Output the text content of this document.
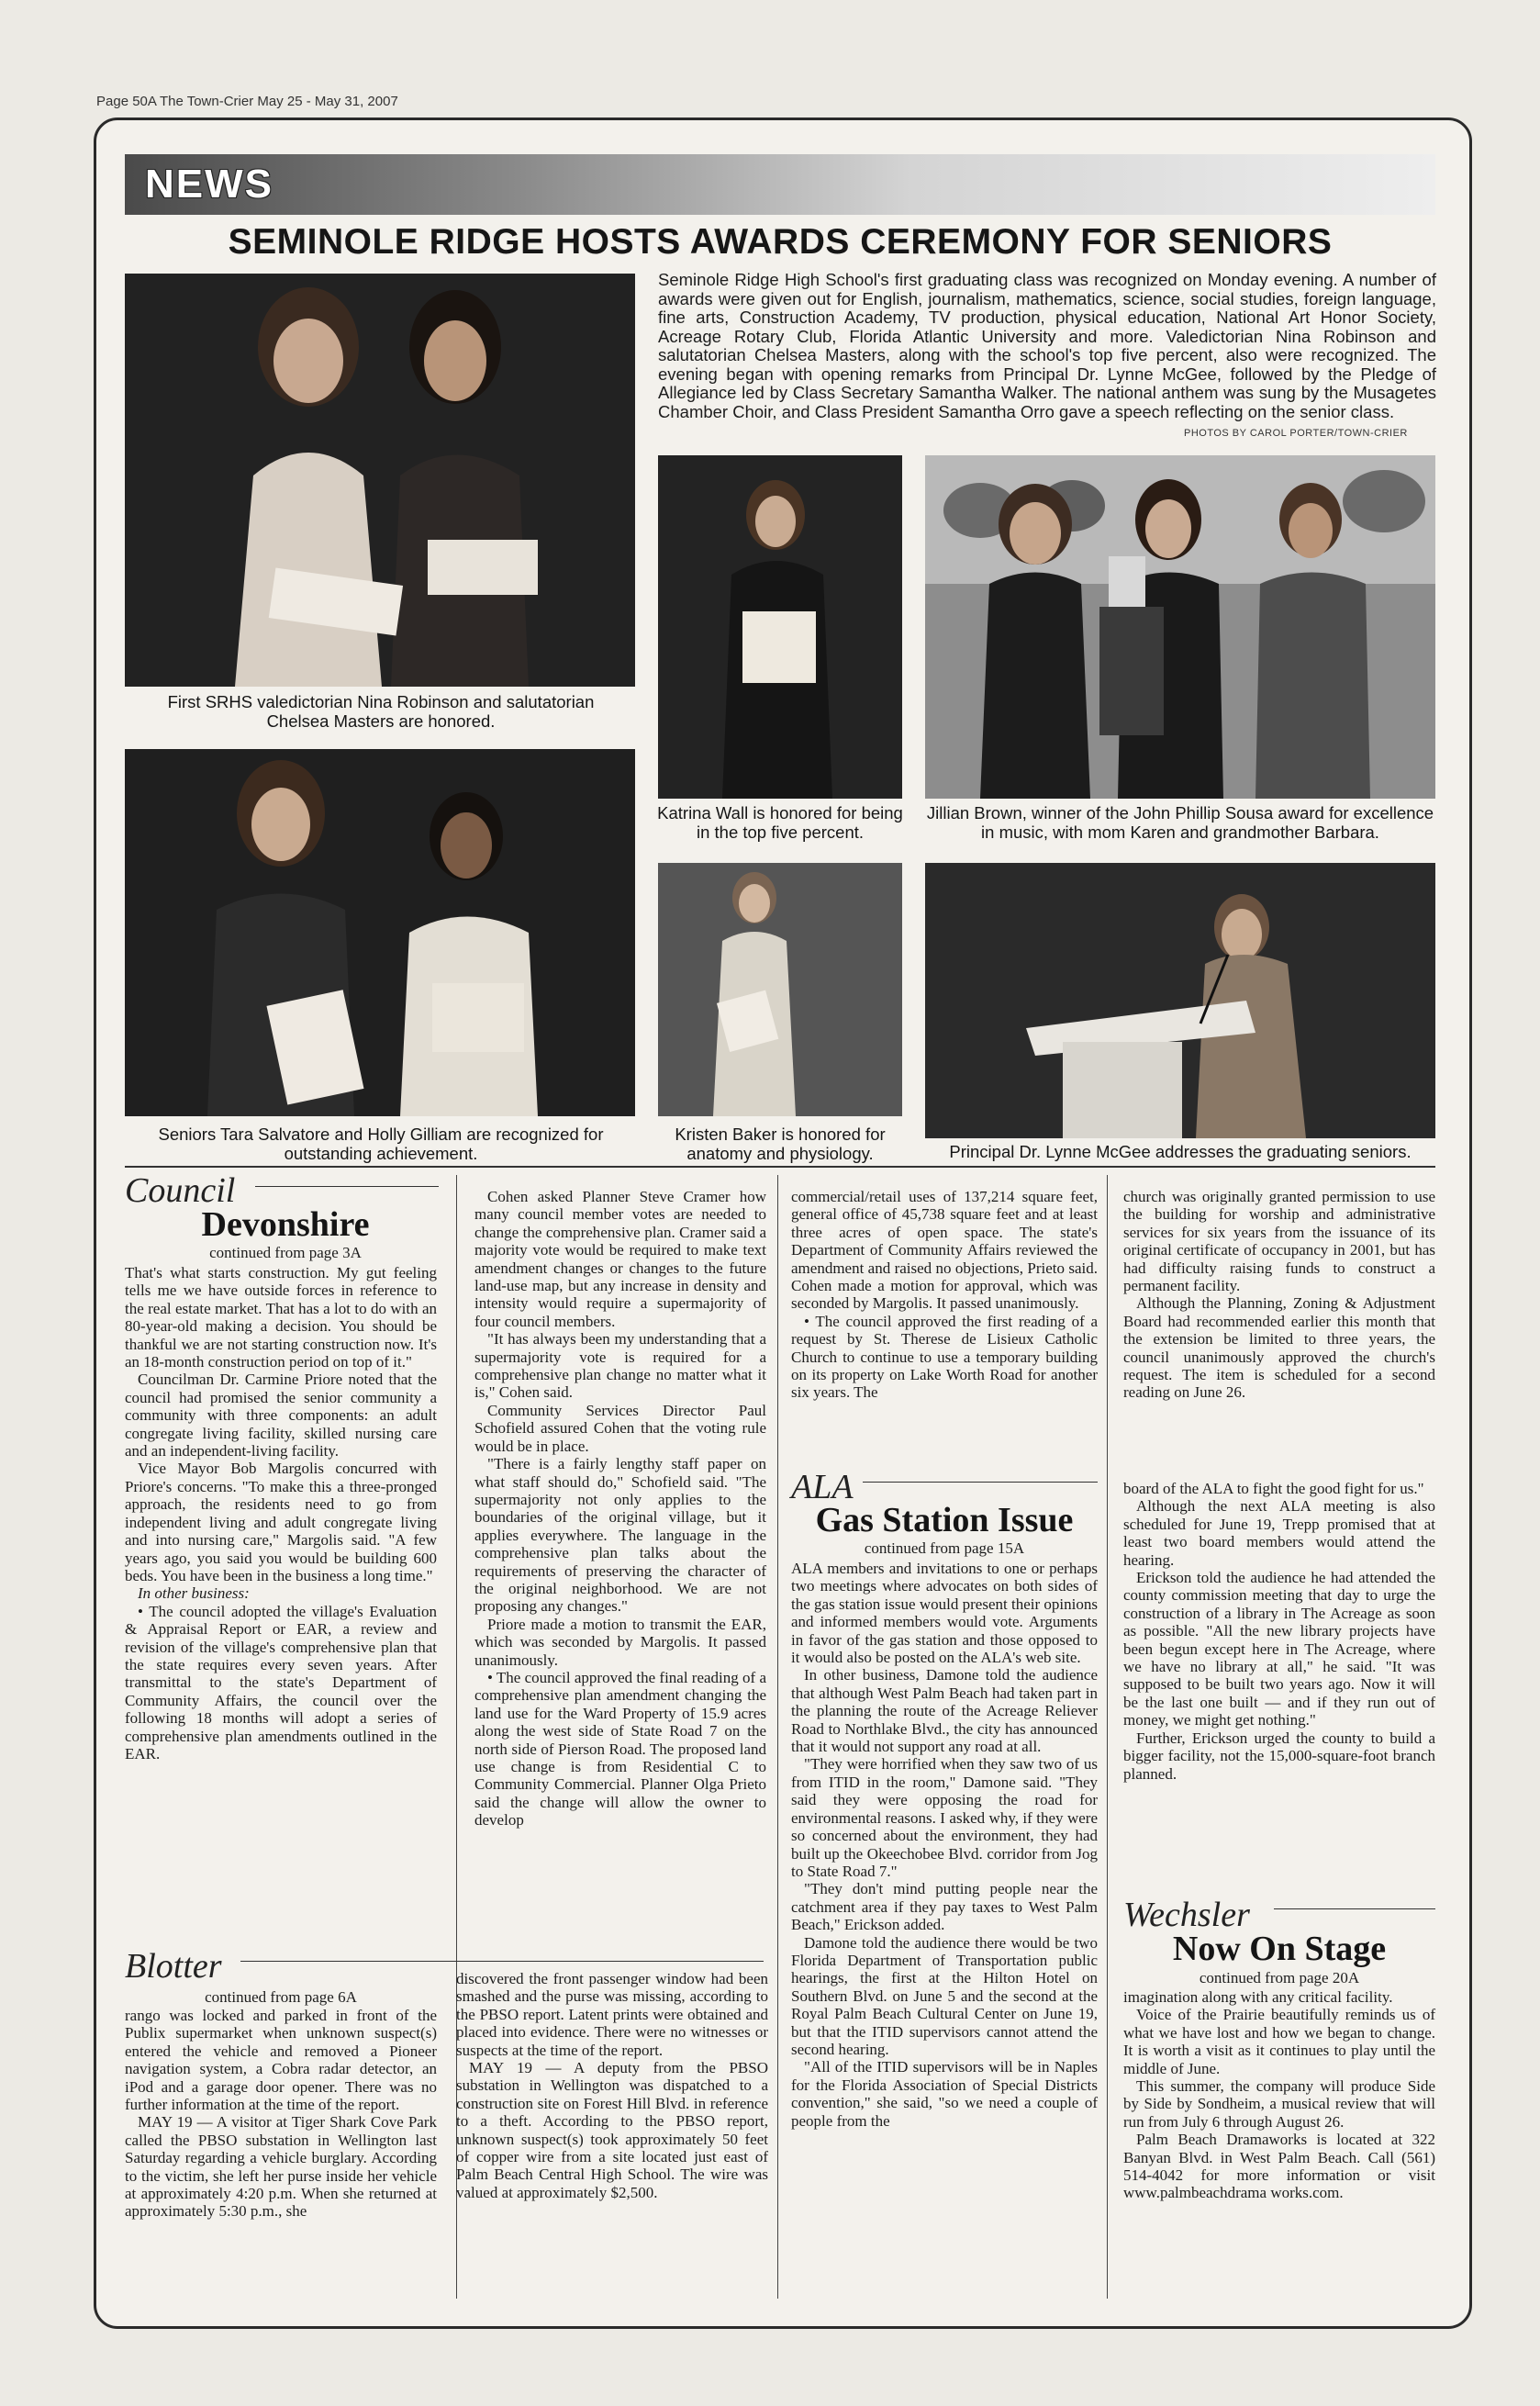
Page 50A The Town-Crier May 25 - May 31, 2007
NEWS
SEMINOLE RIDGE HOSTS AWARDS CEREMONY FOR SENIORS
Seminole Ridge High School's first graduating class was recognized on Monday evening. A number of awards were given out for English, journalism, mathematics, science, social studies, foreign language, fine arts, Construction Academy, TV production, physical education, National Art Honor Society, Acreage Rotary Club, Florida Atlantic University and more. Valedictorian Nina Robinson and salutatorian Chelsea Masters, along with the school's top five percent, also were recognized. The evening began with opening remarks from Principal Dr. Lynne McGee, followed by the Pledge of Allegiance led by Class Secretary Samantha Walker. The national anthem was sung by the Musagetes Chamber Choir, and Class President Samantha Orro gave a speech reflecting on the senior class.
PHOTOS BY CAROL PORTER/TOWN-CRIER
First SRHS valedictorian Nina Robinson and salutatorian Chelsea Masters are honored.
Katrina Wall is honored for being in the top five percent.
Jillian Brown, winner of the John Phillip Sousa award for excellence in music, with mom Karen and grandmother Barbara.
Seniors Tara Salvatore and Holly Gilliam are recognized for outstanding achievement.
Kristen Baker is honored for anatomy and physiology.	Principal Dr. Lynne McGee addresses the graduating seniors.
Council
Devonshire
continued from page 3A

That's what starts construction. My gut feeling tells me we have outside forces in reference to the real estate market. That has a lot to do with an 80-year-old making a decision. You should be thankful we are not starting construction now. It's an 18-month construction period on top of it."

Councilman Dr. Carmine Priore noted that the council had promised the senior community a community with three components: an adult congregate living facility, skilled nursing care and an independent-living facility.

Vice Mayor Bob Margolis concurred with Priore's concerns. "To make this a three-pronged approach, the residents need to go from independent living and adult congregate living and into nursing care," Margolis said. "A few years ago, you said you would be building 600 beds. You have been in the business a long time."

In other business:

• The council adopted the village's Evaluation & Appraisal Report or EAR, a review and revision of the village's comprehensive plan that the state requires every seven years. After transmittal to the state's Department of Community Affairs, the council over the following 18 months will adopt a series of comprehensive plan amendments outlined in the EAR.

Cohen asked Planner Steve Cramer how many council member votes are needed to change the comprehensive plan. Cramer said a majority vote would be required to make text amendment changes or changes to the future land-use map, but any increase in density and intensity would require a supermajority of four council members.

"It has always been my understanding that a supermajority vote is required for a comprehensive plan change no matter what it is," Cohen said.

Community Services Director Paul Schofield assured Cohen that the voting rule would be in place.

"There is a fairly lengthy staff paper on what staff should do," Schofield said. "The supermajority not only applies to the boundaries of the original village, but it applies everywhere. The language in the comprehensive plan talks about the requirements of preserving the character of the original neighborhood. We are not proposing any changes."

Priore made a motion to transmit the EAR, which was seconded by Margolis. It passed unanimously.

• The council approved the final reading of a comprehensive plan amendment changing the land use for the Ward Property of 15.9 acres along the west side of State Road 7 on the north side of Pierson Road. The proposed land use change is from Residential C to Community Commercial. Planner Olga Prieto said the change will allow the owner to develop

commercial/retail uses of 137,214 square feet, general office of 45,738 square feet and at least three acres of open space. The state's Department of Community Affairs reviewed the amendment and raised no objections, Prieto said. Cohen made a motion for approval, which was seconded by Margolis. It passed unanimously.

• The council approved the first reading of a request by St. Therese de Lisieux Catholic Church to continue to use a temporary building on its property on Lake Worth Road for another six years. The

church was originally granted permission to use the building for worship and administrative services for six years from the issuance of its original certificate of occupancy in 2001, but has had difficulty raising funds to construct a permanent facility.

Although the Planning, Zoning & Adjustment Board had recommended earlier this month that the extension be limited to three years, the council unanimously approved the church's request. The item is scheduled for a second reading on June 26.

ALA
Gas Station Issue
continued from page 15A

ALA members and invitations to one or perhaps two meetings where advocates on both sides of the gas station issue would present their opinions and informed members would vote. Arguments in favor of the gas station and those opposed to it would also be posted on the ALA's web site.

In other business, Damone told the audience that although West Palm Beach had taken part in the planning the route of the Acreage Reliever Road to Northlake Blvd., the city has announced that it would not support any road at all.

"They were horrified when they saw two of us from ITID in the room," Damone said. "They said they were opposing the road for environmental reasons. I asked why, if they were so concerned about the environment, they had built up the Okeechobee Blvd. corridor from Jog to State Road 7."

"They don't mind putting people near the catchment area if they pay taxes to West Palm Beach," Erickson added.

Damone told the audience there would be two Florida Department of Transportation public hearings, the first at the Hilton Hotel on Southern Blvd. on June 5 and the second at the Royal Palm Beach Cultural Center on June 19, but that the ITID supervisors cannot attend the second hearing.

"All of the ITID supervisors will be in Naples for the Florida Association of Special Districts convention," she said, "so we need a couple of people from the

board of the ALA to fight the good fight for us."

Although the next ALA meeting is also scheduled for June 19, Trepp promised that at least two board members would attend the hearing.

Erickson told the audience he had attended the county commission meeting that day to urge the construction of a library in The Acreage as soon as possible. "All the new library projects have been begun except here in The Acreage, where we have no library at all," he said. "It was supposed to be built two years ago. Now it will be the last one built — and if they run out of money, we might get nothing."

Further, Erickson urged the county to build a bigger facility, not the 15,000-square-foot branch planned.

Blotter
continued from page 6A

rango was locked and parked in front of the Publix supermarket when unknown suspect(s) entered the vehicle and removed a Pioneer navigation system, a Cobra radar detector, an iPod and a garage door opener. There was no further information at the time of the report.

MAY 19 — A visitor at Tiger Shark Cove Park called the PBSO substation in Wellington last Saturday regarding a vehicle burglary. According to the victim, she left her purse inside her vehicle at approximately 4:20 p.m. When she returned at approximately 5:30 p.m., she

discovered the front passenger window had been smashed and the purse was missing, according to the PBSO report. Latent prints were obtained and placed into evidence. There were no witnesses or suspects at the time of the report.

MAY 19 — A deputy from the PBSO substation in Wellington was dispatched to a construction site on Forest Hill Blvd. in reference to a theft. According to the PBSO report, unknown suspect(s) took approximately 50 feet of copper wire from a site located just east of Palm Beach Central High School. The wire was valued at approximately $2,500.

Wechsler
Now On Stage
continued from page 20A

imagination along with any critical facility.

Voice of the Prairie beautifully reminds us of what we have lost and how we began to change. It is worth a visit as it continues to play until the middle of June.

This summer, the company will produce Side by Side by Sondheim, a musical review that will run from July 6 through August 26.

Palm Beach Dramaworks is located at 322 Banyan Blvd. in West Palm Beach. Call (561) 514-4042 for more information or visit www.palmbeachdrama works.com.
